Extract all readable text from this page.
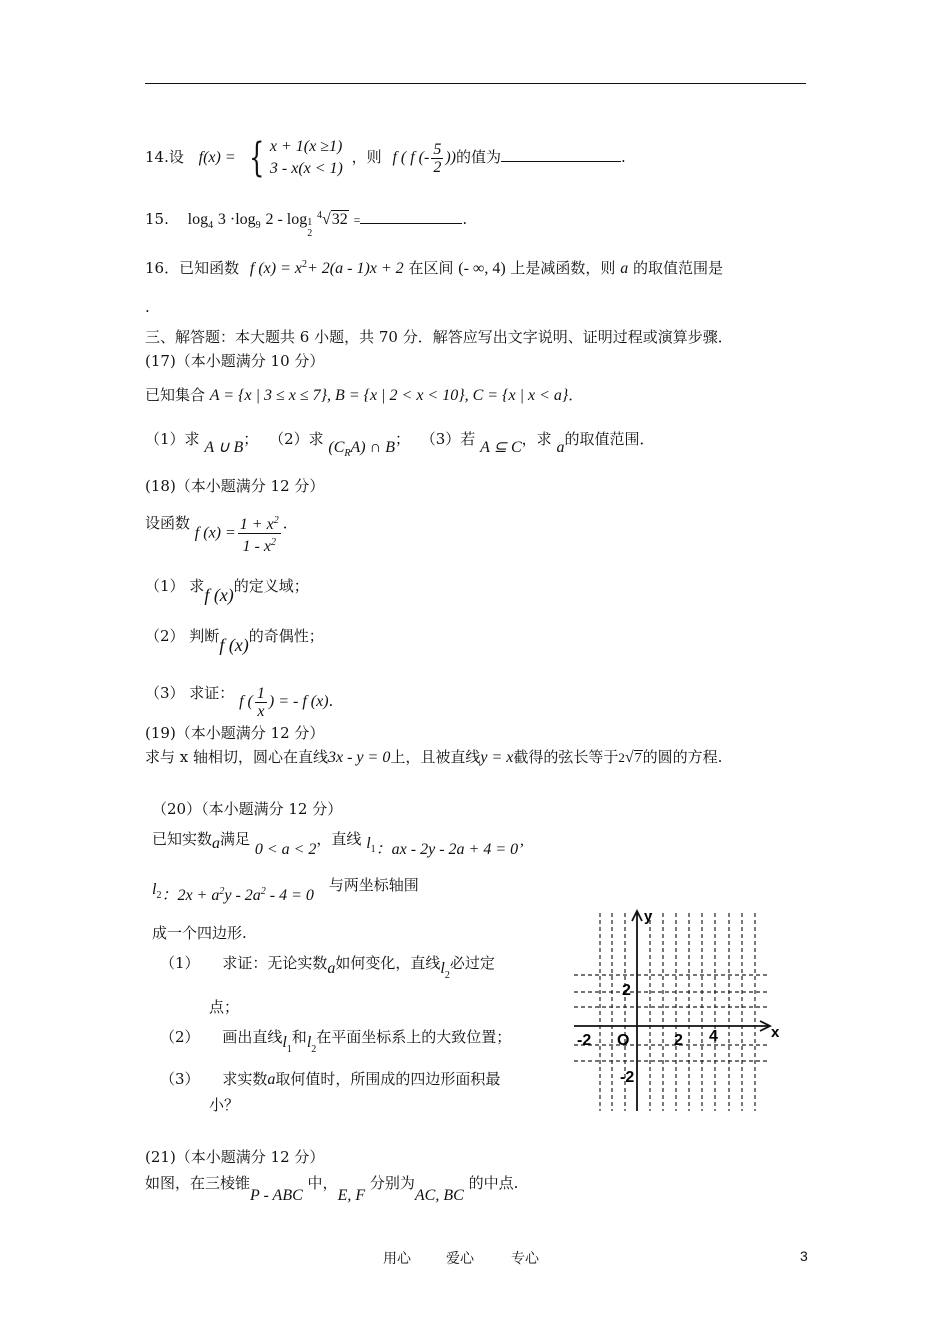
14.设 f(x) = { x + 1(x ≥1)
3 - x(x < 1)
，则 f ( f (- $\frac{5}{2}$ ))的值为	.
15. $\log_4 3 \cdot\log_9$ 2 - log1
2 $^4$√32 =	.
16．已知函数 f $(x) = x^2+ 2(a - 1)x + 2$ 在区间 (- ∞, 4) 上是减函数，则 a 的取值范围是
.
三、解答题：本大题共 6 小题，共 70 分．解答应写出文字说明、证明过程或演算步骤．
(17)（本小题满分 10 分）
已知集合 A = {x | 3 ≤ x ≤ 7}, B = {x | 2 < x < 10}, C = {x | x < a}．
（1）求 A ∪ B； （2）求 $(C_RA)$ ∩ B； （3）若 A ⊆ C，求 a的取值范围．
(18)（本小题满分 12 分）
设函数 f $(x) = \frac{1 + x^2}{1 - x^2}$ ．
（1） 求f (x)的定义域；
（2） 判断f (x)的奇偶性；
（3） 求证： f ( $\frac{1}{x}$ ) = - f (x).
(19)（本小题满分 12 分）
求与 x 轴相切，圆心在直线3x - y = 0上，且被直线y = x截得的弦长等于2√7的圆的方程.
（20）（本小题满分 12 分）
已知实数a满足 0 < a < 2，直线 $l_1$：ax - 2y - 2a + 4 = 0’
$l_2$：$2x + a^2y - 2a^2 - 4 = 0$ 与两坐标轴围
成一个四边形.
（1） 求证：无论实数a如何变化，直线$l_2$必过定
点；
（2） 画出直线$l_1$和$l_2$在平面坐标系上的大致位置；
（3） 求实数a取何值时，所围成的四边形面积最
小？
y
x
2
-2 O	2 4
-2
(21)（本小题满分 12 分）
如图，在三棱锥P - ABC 中，E, F 分别为AC, BC 的中点.
用心	爱心	专心	3
